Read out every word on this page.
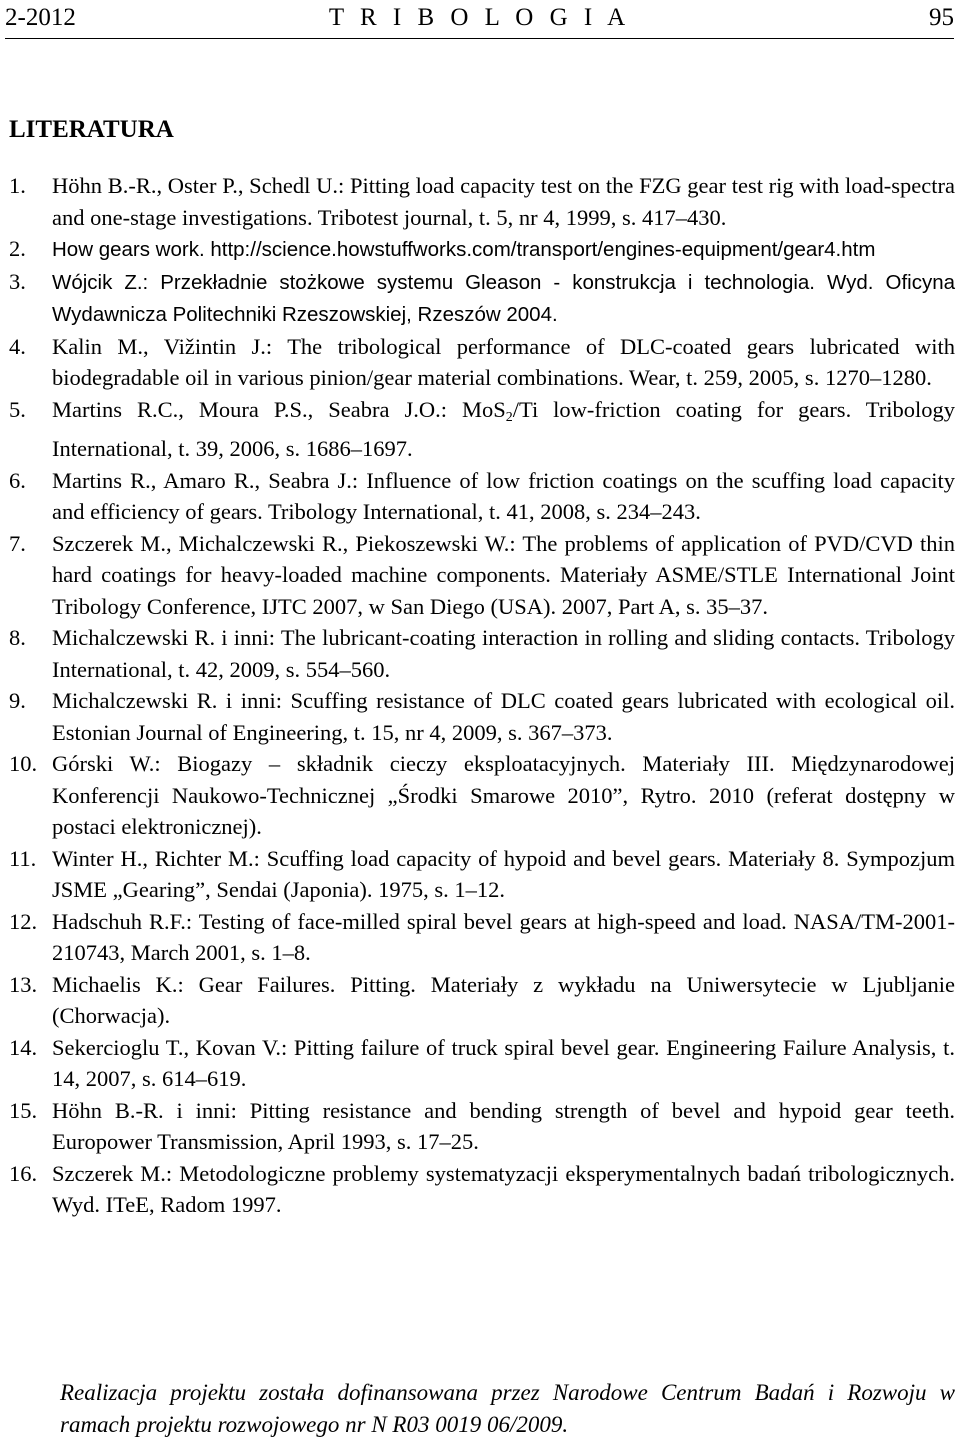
2-2012	T R I B O L O G I A	95
LITERATURA
1.	Höhn B.-R., Oster P., Schedl U.: Pitting load capacity test on the FZG gear test rig with load-spectra and one-stage investigations. Tribotest journal, t. 5, nr 4, 1999, s. 417–430.
2.	How gears work. http://science.howstuffworks.com/transport/engines-equipment/gear4.htm
3.	Wójcik Z.: Przekładnie stożkowe systemu Gleason - konstrukcja i technologia. Wyd. Oficyna Wydawnicza Politechniki Rzeszowskiej, Rzeszów 2004.
4.	Kalin M., Vižintin J.: The tribological performance of DLC-coated gears lubricated with biodegradable oil in various pinion/gear material combinations. Wear, t. 259, 2005, s. 1270–1280.
5.	Martins R.C., Moura P.S., Seabra J.O.: MoS$_2$/Ti low-friction coating for gears. Tribology International, t. 39, 2006, s. 1686–1697.
6.	Martins R., Amaro R., Seabra J.: Influence of low friction coatings on the scuffing load capacity and efficiency of gears. Tribology International, t. 41, 2008, s. 234–243.
7.	Szczerek M., Michalczewski R., Piekoszewski W.: The problems of application of PVD/CVD thin hard coatings for heavy-loaded machine components. Materiały ASME/STLE International Joint Tribology Conference, IJTC 2007, w San Diego (USA). 2007, Part A, s. 35–37.
8.	Michalczewski R. i inni: The lubricant-coating interaction in rolling and sliding contacts. Tribology International, t. 42, 2009, s. 554–560.
9.	Michalczewski R. i inni: Scuffing resistance of DLC coated gears lubricated with ecological oil. Estonian Journal of Engineering, t. 15, nr 4, 2009, s. 367–373.
10. Górski W.: Biogazy – składnik cieczy eksploatacyjnych. Materiały III. Międzynarodowej Konferencji Naukowo-Technicznej „Środki Smarowe 2010”, Rytro. 2010 (referat dostępny w postaci elektronicznej).
11. Winter H., Richter M.: Scuffing load capacity of hypoid and bevel gears. Materiały 8. Sympozjum JSME „Gearing”, Sendai (Japonia). 1975, s. 1–12.
12. Hadschuh R.F.: Testing of face-milled spiral bevel gears at high-speed and load. NASA/TM-2001-210743, March 2001, s. 1–8.
13. Michaelis K.: Gear Failures. Pitting. Materiały z wykładu na Uniwersytecie w Ljubljanie (Chorwacja).
14. Sekercioglu T., Kovan V.: Pitting failure of truck spiral bevel gear. Engineering Failure Analysis, t. 14, 2007, s. 614–619.
15. Höhn B.-R. i inni: Pitting resistance and bending strength of bevel and hypoid gear teeth. Europower Transmission, April 1993, s. 17–25.
16. Szczerek M.: Metodologiczne problemy systematyzacji eksperymentalnych badań tribologicznych. Wyd. ITeE, Radom 1997.
Realizacja projektu została dofinansowana przez Narodowe Centrum Badań i Rozwoju w ramach projektu rozwojowego nr N R03 0019 06/2009.
